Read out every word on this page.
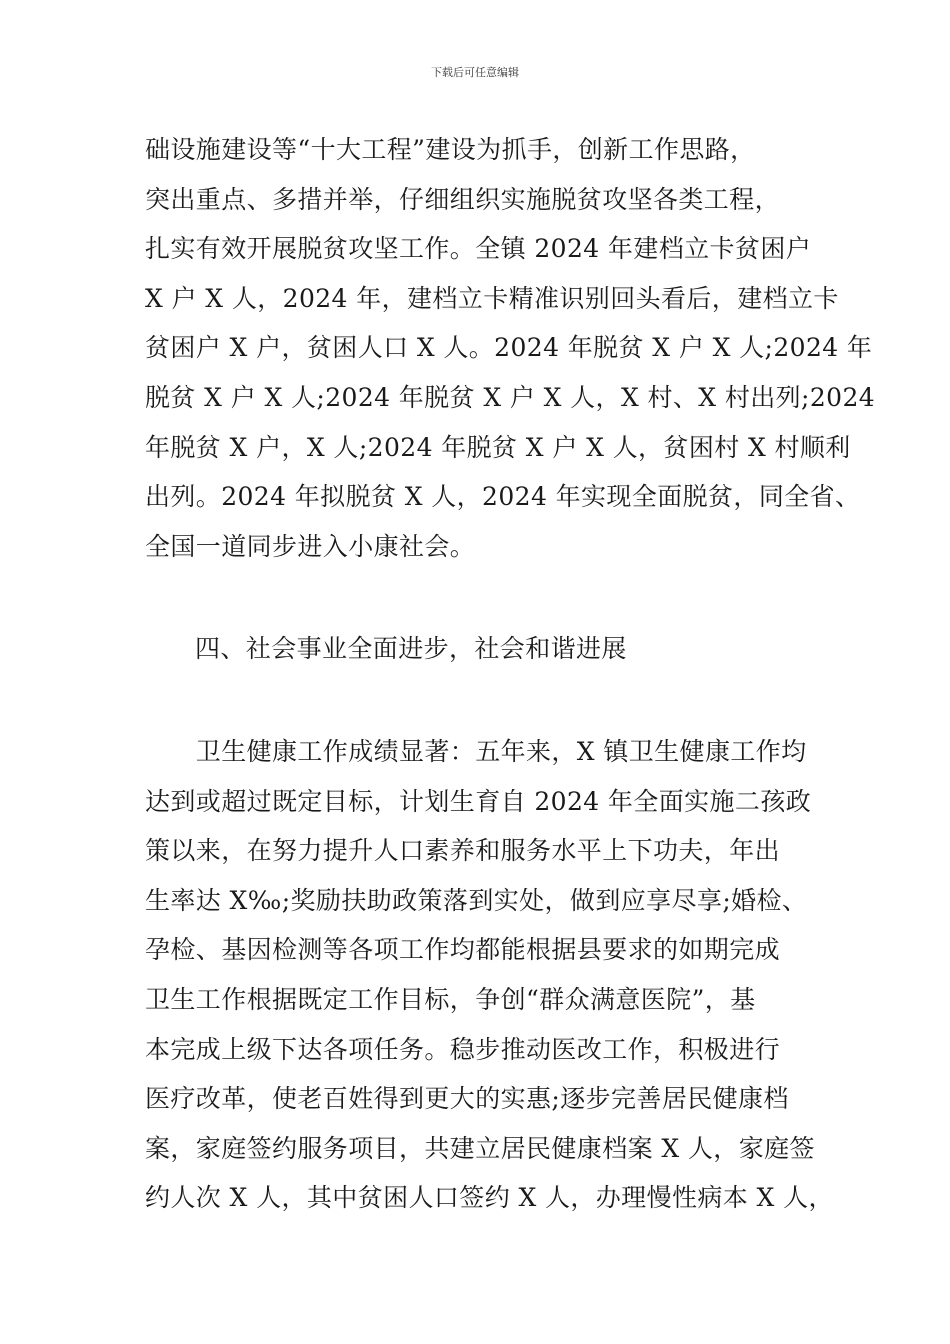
下载后可任意编辑
础设施建设等“十大工程”建设为抓手，创新工作思路，
突出重点、多措并举，仔细组织实施脱贫攻坚各类工程，
扎实有效开展脱贫攻坚工作。全镇 2024 年建档立卡贫困户
X 户 X 人，2024 年，建档立卡精准识别回头看后，建档立卡
贫困户 X 户，贫困人口 X 人。2024 年脱贫 X 户 X 人;2024 年
脱贫 X 户 X 人;2024 年脱贫 X 户 X 人，X 村、X 村出列;2024
年脱贫 X 户，X 人;2024 年脱贫 X 户 X 人，贫困村 X 村顺利
出列。2024 年拟脱贫 X 人，2024 年实现全面脱贫，同全省、
全国一道同步进入小康社会。
四、社会事业全面进步，社会和谐进展
　　卫生健康工作成绩显著：五年来，X 镇卫生健康工作均
达到或超过既定目标，计划生育自 2024 年全面实施二孩政
策以来，在努力提升人口素养和服务水平上下功夫，年出
生率达 X‰;奖励扶助政策落到实处，做到应享尽享;婚检、
孕检、基因检测等各项工作均都能根据县要求的如期完成
卫生工作根据既定工作目标，争创“群众满意医院”，基
本完成上级下达各项任务。稳步推动医改工作，积极进行
医疗改革，使老百姓得到更大的实惠;逐步完善居民健康档
案，家庭签约服务项目，共建立居民健康档案 X 人，家庭签
约人次 X 人，其中贫困人口签约 X 人，办理慢性病本 X 人，
